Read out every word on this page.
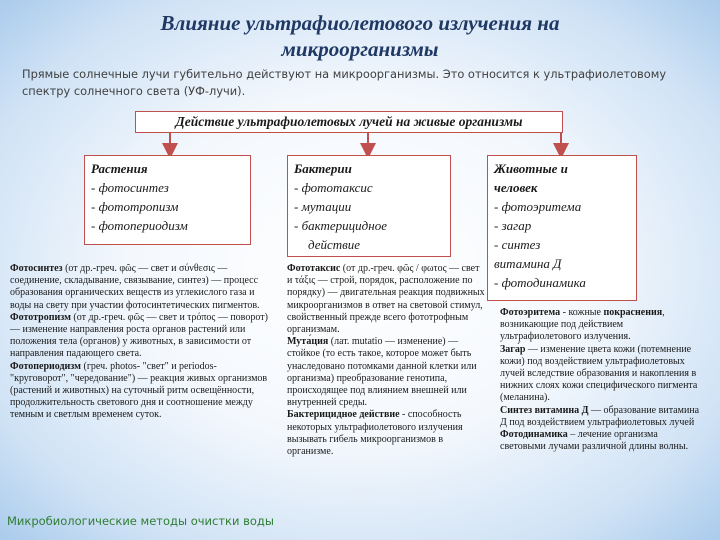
Влияние ультрафиолетового излучения на микроорганизмы
Прямые солнечные лучи губительно действуют на микроорганизмы. Это относится к ультрафиолетовому спектру солнечного света (УФ-лучи).
Действие ультрафиолетовых лучей на живые организмы
Растения
- фотосинтез
- фототропизм
- фотопериодизм
Бактерии
- фототаксис
- мутации
- бактерицидное
действие
Животные и
человек
- фотоэритема
- загар
- синтез
витамина Д
- фотодинамика

Фотосинтез (от др.-греч. φῶς — свет и σύνθεσις — соединение, складывание, связывание, синтез) — процесс образования органических веществ из углекислого газа и воды на свету при участии фотосинтетических пигментов.

Фототропи́зм (от др.-греч. φῶς — свет и τρόπος — поворот) — изменение направления роста органов растений или положения тела (органов) у животных, в зависимости от направления падающего света.

Фотопериодизм (греч. photos- "свет" и periodos- "круговорот", "чередование") — реакция живых организмов (растений и животных) на суточный ритм освещённости, продолжительность светового дня и соотношение между темным и светлым временем суток.

Фототаксис (от др.-греч. φῶς / φωτος — свет и τάξις — строй, порядок, расположение по порядку) — двигательная реакция подвижных микроорганизмов в ответ на световой стимул, свойственный прежде всего фототрофным организмам.

Мута́ция (лат. mutatio — изменение) — стойкое (то есть такое, которое может быть унаследовано потомками данной клетки или организма) преобразование генотипа, происходящее под влиянием внешней или внутренней среды.

Бактерицидное действие - способность некоторых ультрафиолетового излучения вызывать гибель микроорганизмов в организме.

Фотоэритема - кожные покраснения, возникающие под действием ультрафиолетового излучения.

Зага́р — изменение цвета кожи (потемнение кожи) под воздействием ультрафиолетовых лучей вследствие образования и накопления в нижних слоях кожи специфического пигмента (меланина).

Синтез витамина Д — образование витамина Д под воздействием ультрафиолетовых лучей

Фотодинамика – лечение организма световыми лучами различной длины волны.

Микробиологические методы очистки воды
